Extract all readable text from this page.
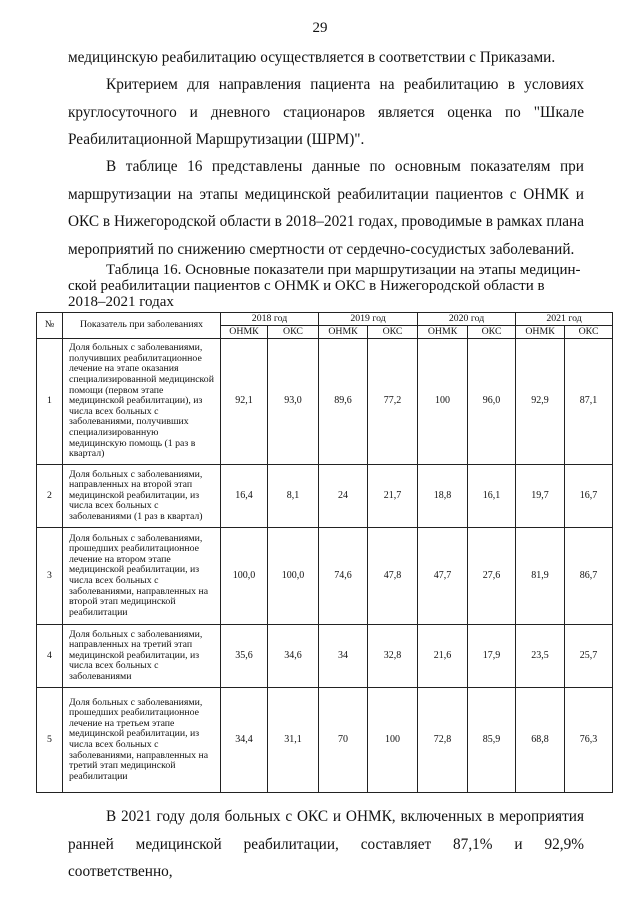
29

медицинскую реабилитацию осуществляется в соответствии с Приказами.

Критерием для направления пациента на реабилитацию в условиях круглосуточного и дневного стационаров является оценка по "Шкале Реабилитационной Маршрутизации (ШРМ)".

В таблице 16 представлены данные по основным показателям при маршрутизации на этапы медицинской реабилитации пациентов с ОНМК и ОКС в Нижегородской области в 2018–2021 годах, проводимые в рамках плана мероприятий по снижению смертности от сердечно-сосудистых заболеваний.

Таблица 16. Основные показатели при маршрутизации на этапы медицин-
ской реабилитации пациентов с ОНМК и ОКС в Нижегородской области в
2018–2021 годах
№	Показатель при заболеваниях	2018 год		2019 год		2020 год		2021 год	
		ОНМК	ОКС	ОНМК	ОКС	ОНМК	ОКС	ОНМК	ОКС
1	Доля больных с заболеваниями, получивших реабилитационное лечение на этапе оказания специализированной медицинской помощи (первом этапе медицинской реабилитации), из числа всех больных с заболеваниями, получивших специализированную медицинскую помощь (1 раз в квартал)	92,1	93,0	89,6	77,2	100	96,0	92,9	87,1
2	Доля больных с заболеваниями, направленных на второй этап медицинской реабилитации, из числа всех больных с заболеваниями (1 раз в квартал)	16,4	8,1	24	21,7	18,8	16,1	19,7	16,7
3	Доля больных с заболеваниями, прошедших реабилитационное лечение на втором этапе медицинской реабилитации, из числа всех больных с заболеваниями, направленных на второй этап медицинской реабилитации	100,0	100,0	74,6	47,8	47,7	27,6	81,9	86,7
4	Доля больных с заболеваниями, направленных на третий этап медицинской реабилитации, из числа всех больных с заболеваниями	35,6	34,6	34	32,8	21,6	17,9	23,5	25,7
5	Доля больных с заболеваниями, прошедших реабилитационное лечение на третьем этапе медицинской реабилитации, из числа всех больных с заболеваниями, направленных на третий этап медицинской реабилитации	34,4	31,1	70	100	72,8	85,9	68,8	76,3

В 2021 году доля больных с ОКС и ОНМК, включенных в мероприятия ранней медицинской реабилитации, составляет 87,1% и 92,9% соответственно,
